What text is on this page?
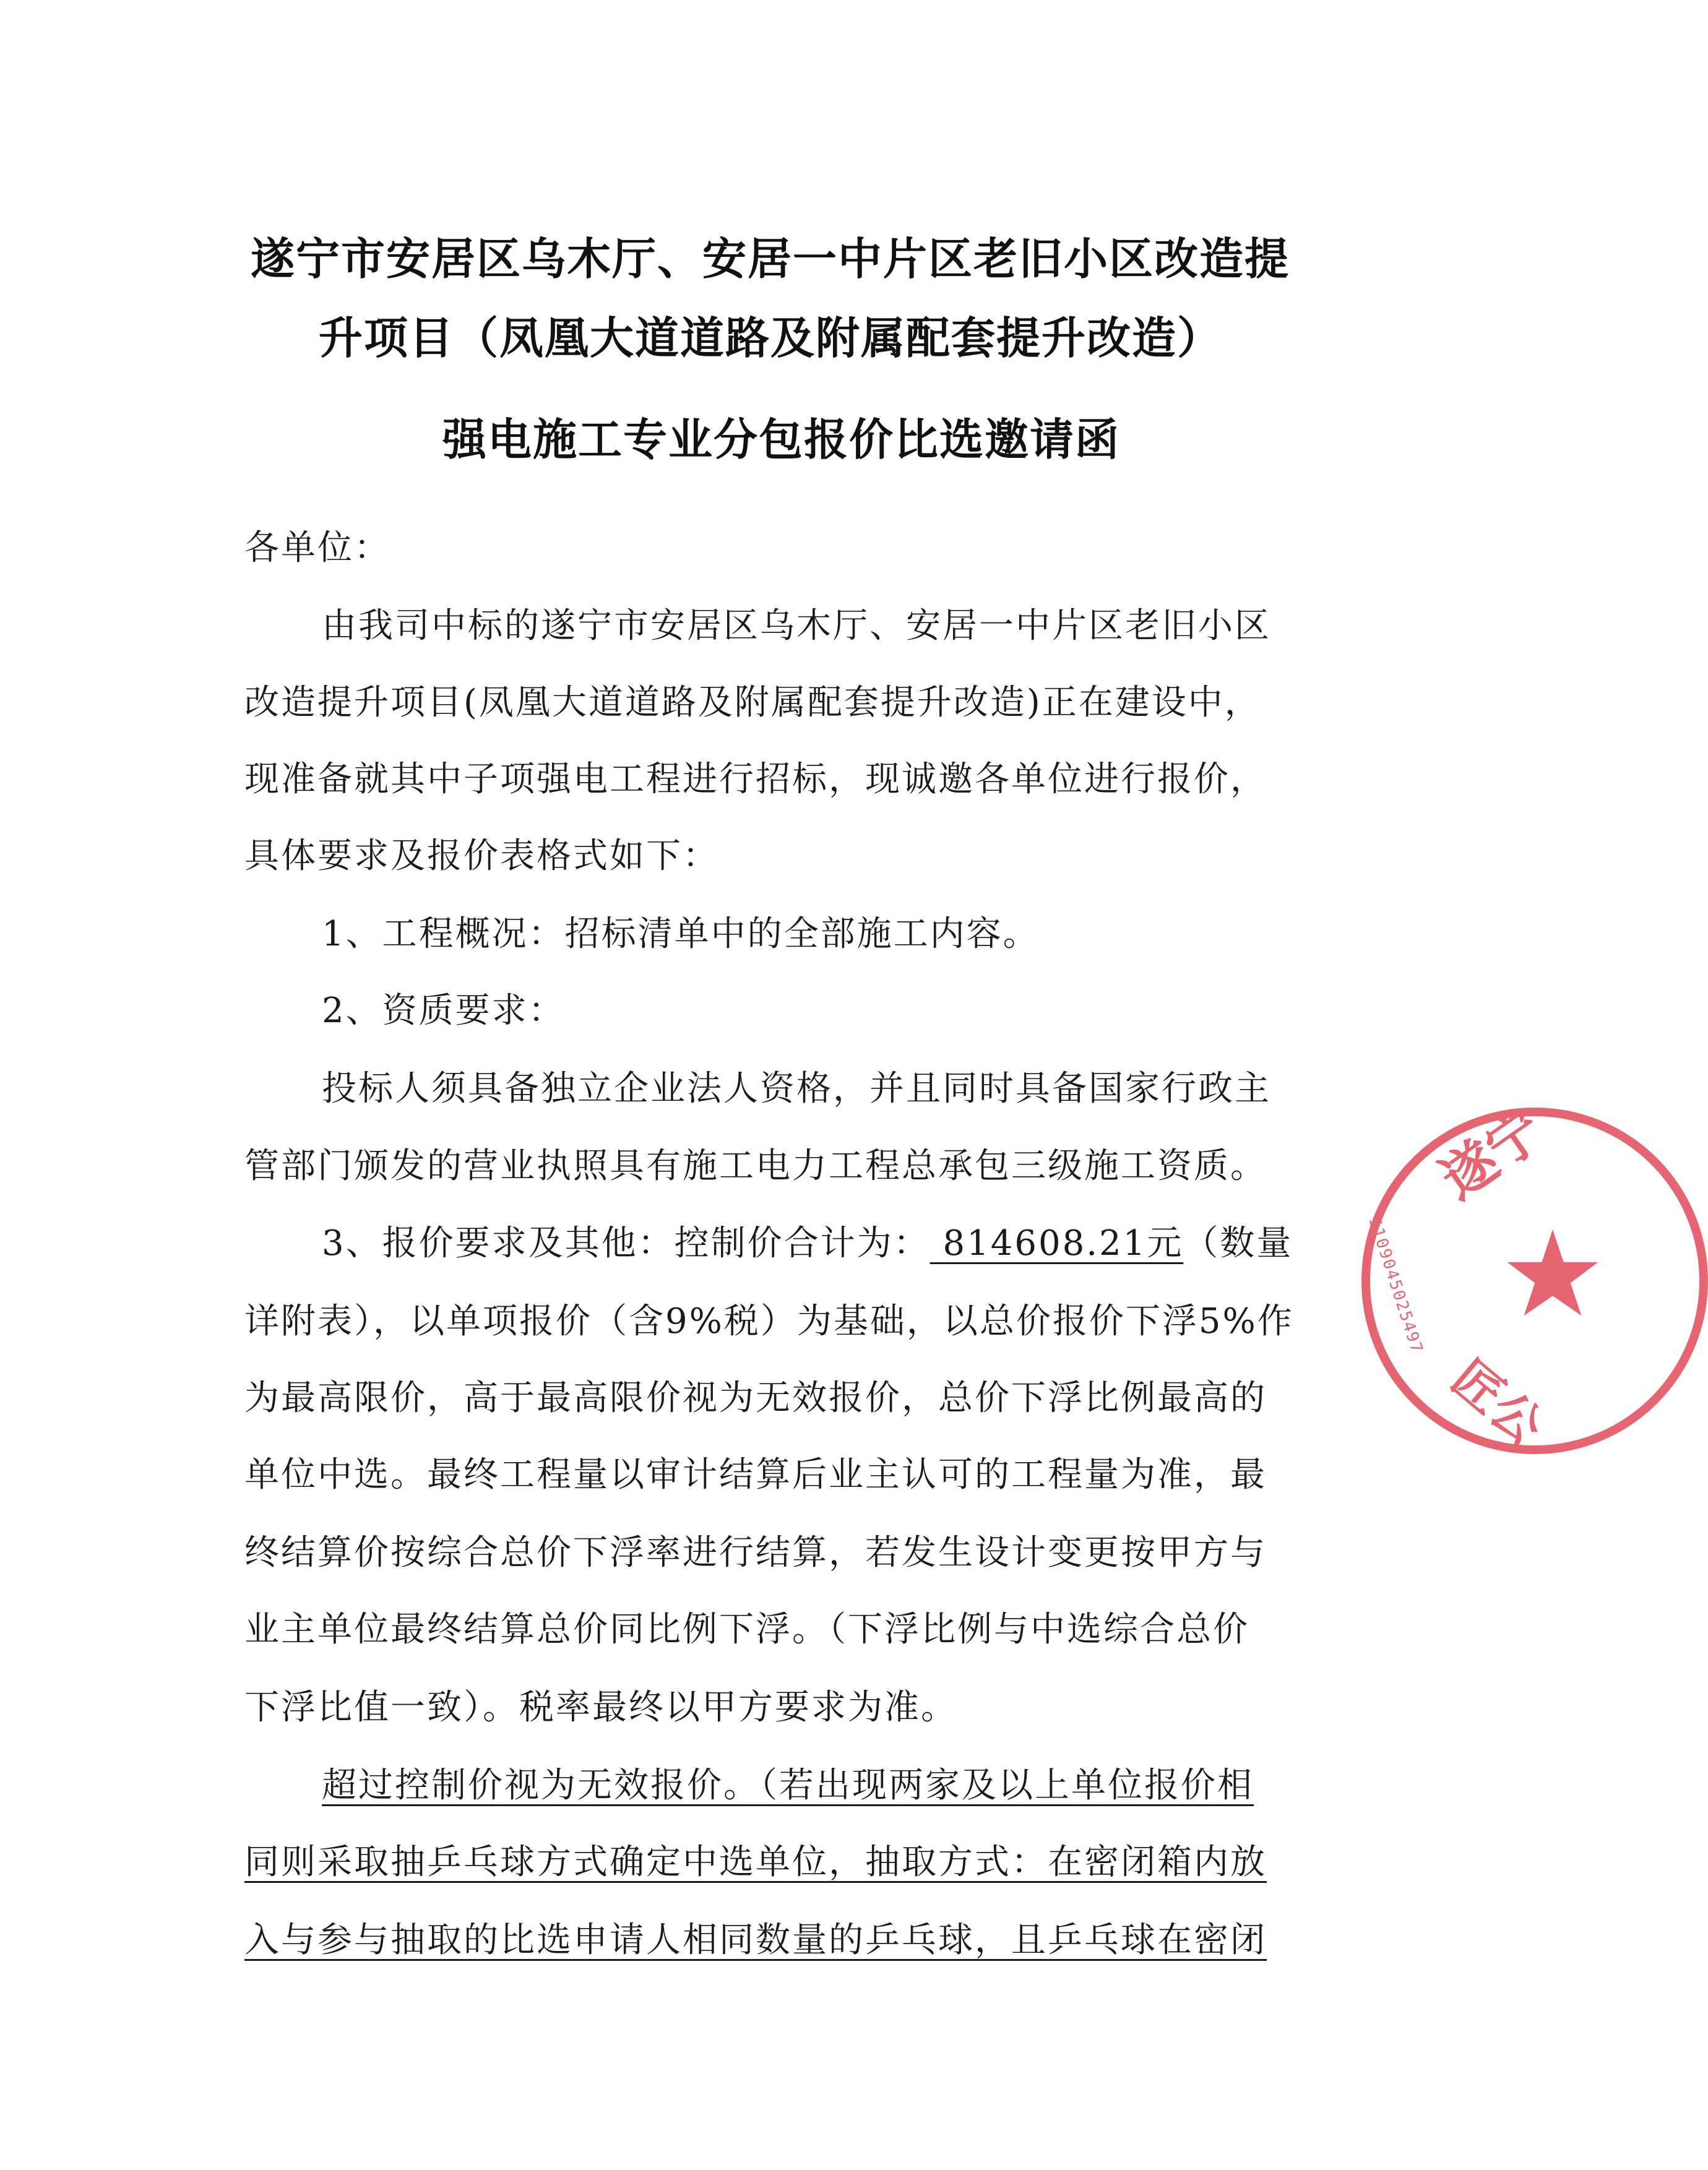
遂宁市安居区乌木厅、安居一中片区老旧小区改造提
升项目（凤凰大道道路及附属配套提升改造）
强电施工专业分包报价比选邀请函
各单位：
由我司中标的遂宁市安居区乌木厅、安居一中片区老旧小区
改造提升项目(凤凰大道道路及附属配套提升改造)正在建设中，
现准备就其中子项强电工程进行招标，现诚邀各单位进行报价，
具体要求及报价表格式如下：
1、工程概况：招标清单中的全部施工内容。
2、资质要求：
投标人须具备独立企业法人资格，并且同时具备国家行政主
管部门颁发的营业执照具有施工电力工程总承包三级施工资质。
3、报价要求及其他：控制价合计为： 814608.21元（数量
详附表），以单项报价（含9%税）为基础，以总价报价下浮5%作
为最高限价，高于最高限价视为无效报价，总价下浮比例最高的
单位中选。最终工程量以审计结算后业主认可的工程量为准，最
终结算价按综合总价下浮率进行结算，若发生设计变更按甲方与
业主单位最终结算总价同比例下浮。（下浮比例与中选综合总价
下浮比值一致）。税率最终以甲方要求为准。
超过控制价视为无效报价。（若出现两家及以上单位报价相
同则采取抽乒乓球方式确定中选单位，抽取方式：在密闭箱内放
入与参与抽取的比选申请人相同数量的乒乓球，且乒乓球在密闭
遂宁
5109045025497
匠公
